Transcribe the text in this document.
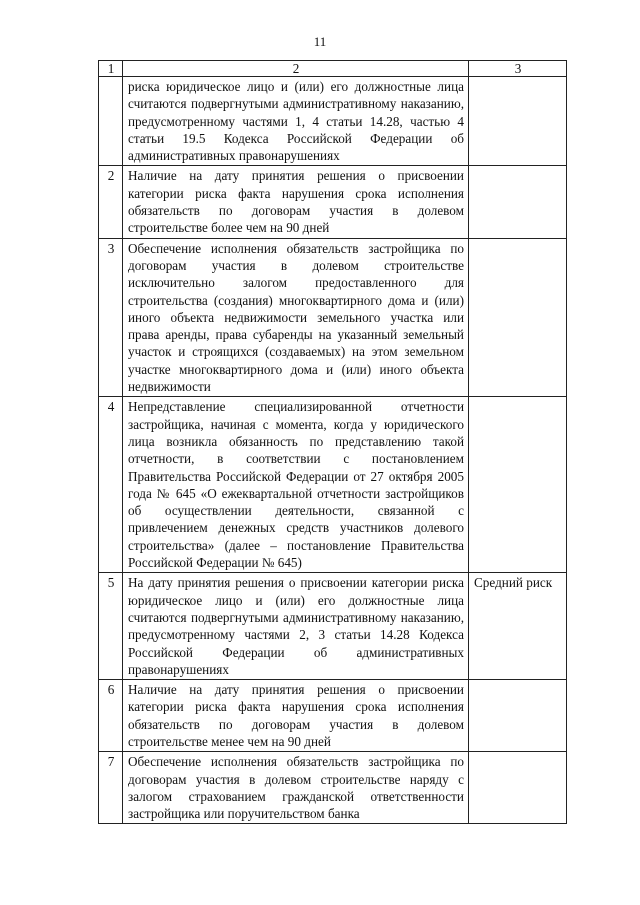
11
1	2	3
	риска юридическое лицо и (или) его должностные лица считаются подвергнутыми административному наказанию, предусмотренному частями 1, 4 статьи 14.28, частью 4 статьи 19.5 Кодекса Российской Федерации об административных правонарушениях	
2	Наличие на дату принятия решения о присвоении категории риска факта нарушения срока исполнения обязательств по договорам участия в долевом строительстве более чем на 90 дней	
3	Обеспечение исполнения обязательств застройщика по договорам участия в долевом строительстве исключительно залогом предоставленного для строительства (создания) многоквартирного дома и (или) иного объекта недвижимости земельного участка или права аренды, права субаренды на указанный земельный участок и строящихся (создаваемых) на этом земельном участке многоквартирного дома и (или) иного объекта недвижимости	
4	Непредставление специализированной отчетности застройщика, начиная с момента, когда у юридического лица возникла обязанность по представлению такой отчетности, в соответствии с постановлением Правительства Российской Федерации от 27 октября 2005 года № 645 «О ежеквартальной отчетности застройщиков об осуществлении деятельности, связанной с привлечением денежных средств участников долевого строительства» (далее – постановление Правительства Российской Федерации № 645)	
5	На дату принятия решения о присвоении категории риска юридическое лицо и (или) его должностные лица считаются подвергнутыми административному наказанию, предусмотренному частями 2, 3 статьи 14.28 Кодекса Российской Федерации об административных правонарушениях	Средний риск

6	Наличие на дату принятия решения о присвоении категории риска факта нарушения срока исполнения обязательств по договорам участия в долевом строительстве менее чем на 90 дней	
7	Обеспечение исполнения обязательств застройщика по договорам участия в долевом строительстве наряду с залогом страхованием гражданской ответственности застройщика или поручительством банка	
